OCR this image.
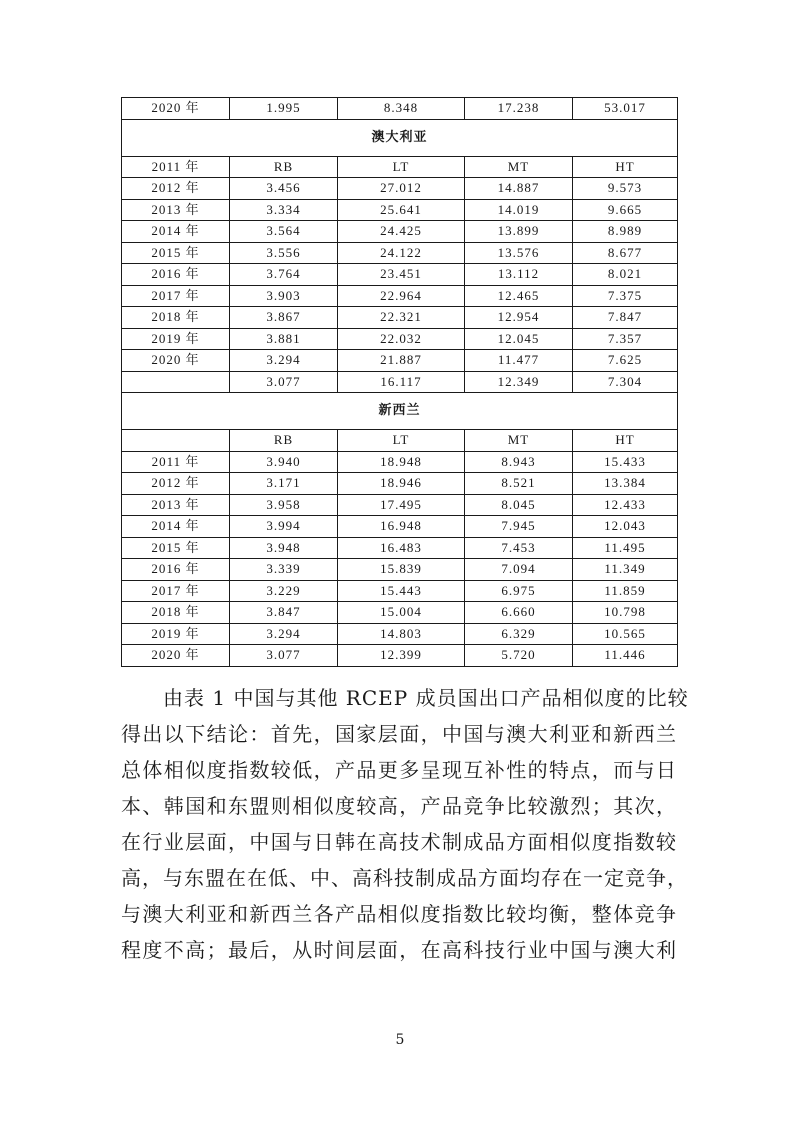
2020 年	1.995	8.348	17.238	53.017
澳大利亚				
2011 年	RB	LT	MT	HT
2012 年	3.456	27.012	14.887	9.573
2013 年	3.334	25.641	14.019	9.665
2014 年	3.564	24.425	13.899	8.989
2015 年	3.556	24.122	13.576	8.677
2016 年	3.764	23.451	13.112	8.021
2017 年	3.903	22.964	12.465	7.375
2018 年	3.867	22.321	12.954	7.847
2019 年	3.881	22.032	12.045	7.357
2020 年	3.294	21.887	11.477	7.625
	3.077	16.117	12.349	7.304
新西兰				
	RB	LT	MT	HT
2011 年	3.940	18.948	8.943	15.433
2012 年	3.171	18.946	8.521	13.384
2013 年	3.958	17.495	8.045	12.433
2014 年	3.994	16.948	7.945	12.043
2015 年	3.948	16.483	7.453	11.495
2016 年	3.339	15.839	7.094	11.349
2017 年	3.229	15.443	6.975	11.859
2018 年	3.847	15.004	6.660	10.798
2019 年	3.294	14.803	6.329	10.565
2020 年	3.077	12.399	5.720	11.446
由表 1 中国与其他 RCEP 成员国出口产品相似度的比较
得出以下结论：首先，国家层面，中国与澳大利亚和新西兰
总体相似度指数较低，产品更多呈现互补性的特点，而与日
本、韩国和东盟则相似度较高，产品竞争比较激烈；其次，
在行业层面，中国与日韩在高技术制成品方面相似度指数较
高，与东盟在在低、中、高科技制成品方面均存在一定竞争，
与澳大利亚和新西兰各产品相似度指数比较均衡，整体竞争
程度不高；最后，从时间层面，在高科技行业中国与澳大利
5
